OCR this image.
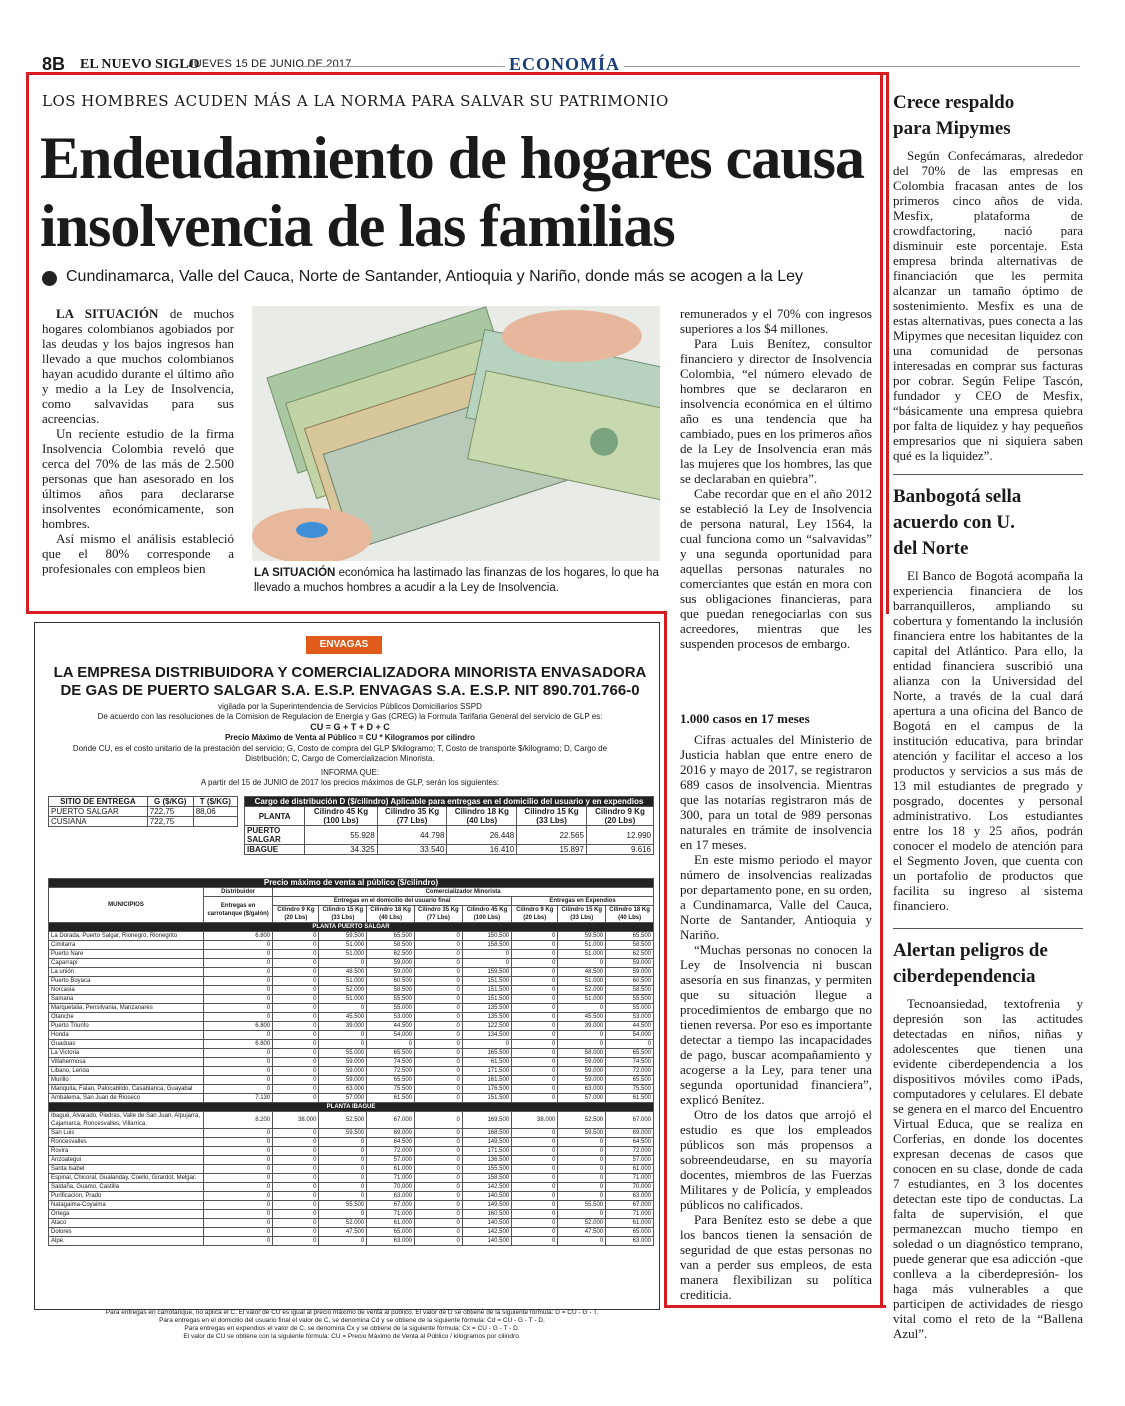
8B EL NUEVO SIGLO
JUEVES 15 DE JUNIO DE 2017	ECONOMÍA
LOS HOMBRES ACUDEN MÁS A LA NORMA PARA SALVAR SU PATRIMONIO
Endeudamiento de hogares causa insolvencia de las familias
Cundinamarca, Valle del Cauca, Norte de Santander, Antioquia y Nariño, donde más se acogen a la Ley

LA SITUACIÓN de muchos hogares colombianos agobiados por las deudas y los bajos ingresos han llevado a que muchos colombianos hayan acudido durante el último año y medio a la Ley de Insolvencia, como salvavidas para sus acreencias.

Un reciente estudio de la firma Insolvencia Colombia reveló que cerca del 70% de las más de 2.500 personas que han asesorado en los últimos años para declararse insolventes económicamente, son hombres.

Así mismo el análisis estableció que el 80% corresponde a profesionales con empleos bien	LA SITUACIÓN económica ha lastimado las finanzas de los hogares, lo que ha llevado a muchos hombres a acudir a la Ley de Insolvencia.

remunerados y el 70% con ingresos superiores a los $4 millones.

Para Luis Benítez, consultor financiero y director de Insolvencia Colombia, “el número elevado de hombres que se declararon en insolvencia económica en el último año es una tendencia que ha cambiado, pues en los primeros años de la Ley de Insolvencia eran más las mujeres que los hombres, las que se declaraban en quiebra”.

Cabe recordar que en el año 2012 se estableció la Ley de Insolvencia de persona natural, Ley 1564, la cual funciona como un “salvavidas” y una segunda oportunidad para aquellas personas naturales no comerciantes que están en mora con sus obligaciones financieras, para que puedan renegociarlas con sus acreedores, mientras que les suspenden procesos de embargo.

1.000 casos en 17 meses

Cifras actuales del Ministerio de Justicia hablan que entre enero de 2016 y mayo de 2017, se registraron 689 casos de insolvencia. Mientras que las notarías registraron más de 300, para un total de 989 personas naturales en trámite de insolvencia en 17 meses.

En este mismo periodo el mayor número de insolvencias realizadas por departamento pone, en su orden, a Cundinamarca, Valle del Cauca, Norte de Santander, Antioquia y Nariño.

“Muchas personas no conocen la Ley de Insolvencia ni buscan asesoría en sus finanzas, y permiten que su situación llegue a procedimientos de embargo que no tienen reversa. Por eso es importante detectar a tiempo las incapacidades de pago, buscar acompañamiento y acogerse a la Ley, para tener una segunda oportunidad financiera”, explicó Benítez.

Otro de los datos que arrojó el estudio es que los empleados públicos son más propensos a sobreendeudarse, en su mayoría docentes, miembros de las Fuerzas Militares y de Policía, y empleados públicos no calificados.

Para Benítez esto se debe a que los bancos tienen la sensación de seguridad de que estas personas no van a perder sus empleos, de esta manera flexibilizan su política crediticia.

Crece respaldo para Mipymes

Según Confecámaras, alrededor del 70% de las empresas en Colombia fracasan antes de los primeros cinco años de vida. Mesfix, plataforma de crowdfactoring, nació para disminuir este porcentaje. Esta empresa brinda alternativas de financiación que les permita alcanzar un tamaño óptimo de sostenimiento. Mesfix es una de estas alternativas, pues conecta a las Mipymes que necesitan liquidez con una comunidad de personas interesadas en comprar sus facturas por cobrar. Según Felipe Tascón, fundador y CEO de Mesfix, “básicamente una empresa quiebra por falta de liquidez y hay pequeños empresarios que ni siquiera saben qué es la liquidez”.

Banbogotá sella acuerdo con U. del Norte

El Banco de Bogotá acompaña la experiencia financiera de los barranquilleros, ampliando su cobertura y fomentando la inclusión financiera entre los habitantes de la capital del Atlántico. Para ello, la entidad financiera suscribió una alianza con la Universidad del Norte, a través de la cual dará apertura a una oficina del Banco de Bogotá en el campus de la institución educativa, para brindar atención y facilitar el acceso a los productos y servicios a sus más de 13 mil estudiantes de pregrado y posgrado, docentes y personal administrativo. Los estudiantes entre los 18 y 25 años, podrán conocer el modelo de atención para el Segmento Joven, que cuenta con un portafolio de productos que facilita su ingreso al sistema financiero.

Alertan peligros de ciberdependencia

Tecnoansiedad, textofrenia y depresión son las actitudes detectadas en niños, niñas y adolescentes que tienen una evidente ciberdependencia a los dispositivos móviles como iPads, computadores y celulares. El debate se genera en el marco del Encuentro Virtual Educa, que se realiza en Corferias, en donde los docentes expresan decenas de casos que conocen en su clase, donde de cada 7 estudiantes, en 3 los docentes detectan este tipo de conductas. La falta de supervisión, el que permanezcan mucho tiempo en soledad o un diagnóstico temprano, puede generar que esa adicción -que conlleva a la ciberdepresión- los haga más vulnerables a que participen de actividades de riesgo vital como el reto de la “Ballena Azul”.

ENVAGAS
LA EMPRESA DISTRIBUIDORA Y COMERCIALIZADORA MINORISTA ENVASADORA DE GAS DE PUERTO SALGAR S.A. E.S.P. ENVAGAS S.A. E.S.P. NIT 890.701.766-0
vigilada por la Superintendencia de Servicios Públicos Domiciliarios SSPD
De acuerdo con las resoluciones de la Comision de Regulacion de Energia y Gas (CREG) la Formula Tarifaria General del servicio de GLP es:
CU = G + T + D + C
Precio Máximo de Venta al Público = CU * Kilogramos por cilindro
Donde CU, es el costo unitario de la prestación del servicio; G, Costo de compra del GLP $/kilogramo; T, Costo de transporte $/kilogramo; D, Cargo de Distribución; C, Cargo de Comercializacion Minorista.
INFORMA QUE:
A partir del 15 de JUNIO de 2017 los precios máximos de GLP, serán los siguientes:
SITIO DE ENTREGA	G ($/KG)	T ($/KG)
PUERTO SALGAR	722,75	88,06
CUSIANA	722,75	
Cargo de distribución D ($/cilindro) Aplicable para entregas en el domicilio del usuario y en expendios					
PLANTA	Cilindro 45 Kg (100 Lbs)	Cilindro 35 Kg (77 Lbs)	Cilindro 18 Kg (40 Lbs)	Cilindro 15 Kg (33 Lbs)	Cilindro 9 Kg (20 Lbs)
PUERTO SALGAR	55.928	44.798	26.448	22.565	12.990
IBAGUE	34.325	33.540	16.410	15.897	9.616
Precio máximo de venta al público ($/cilindro)									
MUNICIPIOS	Distribuidor	Comercializador Minorista							
	Entregas en carrotanque ($/galón)	Entregas en el domicilio del usuario final					Entregas en Expendios		
		Cilindro 9 Kg (20 Lbs)	Cilindro 15 Kg (33 Lbs)	Cilindro 18 Kg (40 Lbs)	Cilindro 35 Kg (77 Lbs)	Cilindro 45 Kg (100 Lbs)	Cilindro 9 Kg (20 Lbs)	Cilindro 15 Kg (33 Lbs)	Cilindro 18 Kg (40 Lbs)
PLANTA PUERTO SALGAR									
La Dorada, Puerto Salgar, Rionegro, Rionegrito	6.800	0	59.500	65.500	0	150.500	0	59.500	65.500
Cimitarra	0	0	51.000	58.500	0	158.500	0	51.000	58.500
Puerto Nare	0	0	51.000	62.500	0	0	0	51.000	62.500
Caparrapí	0	0	0	59.000	0	0	0	0	59.000
La unión	0	0	48.500	59.000	0	159.500	0	48.500	59.000
Puerto Boyaca	0	0	51.000	60.500	0	151.500	0	51.000	60.500
Norcasia	0	0	52.000	58.500	0	151.500	0	52.000	58.500
Samana	0	0	51.000	55.500	0	151.500	0	51.000	55.500
Marquetalia, Pensilvania, Manzanares	0	0	0	55.000	0	135.500	0	0	55.000
Otanche	0	0	45.500	53.000	0	135.500	0	45.500	53.000
Puerto Triunfo	6.800	0	39.000	44.500	0	122.500	0	39.000	44.500
Honda	0	0	0	54.000	0	134.500	0	0	54.000
Guaduas	6.800	0	0	0	0	0	0	0	0
La Victoria	0	0	55.000	65.500	0	165.500	0	58.000	65.500
Villahermosa	0	0	59.000	74.500	0	61.500	0	59.000	74.500
Libano, Lerida	0	0	59.000	72.500	0	171.500	0	59.000	72.000
Murillo	0	0	59.000	65.500	0	161.500	0	59.000	65.500
Mariquita, Falan, Palocabildo, Casabianca, Guayabal	0	0	63.000	75.500	0	176.500	0	63.000	75.500
Ambalema, San Juan de Rioseco	7.130	0	57.000	61.500	0	151.500	0	57.000	61.500
PLANTA IBAGUE									
Ibagué, Alvarado, Piedras, Valle de San Juan, Alpujarra, Cajamarca, Roncesvalles, Villarrica.	8.200	38.000	52.500	67.000	0	169.500	38.000	52.500	67.000
San Luis	0	0	59.500	69.000	0	168.500	0	59.500	69.000
Roncesvalles	0	0	0	64.500	0	149.500	0	0	64.500
Rovira	0	0	0	72.000	0	171.500	0	0	72.000
Anzoategui	0	0	0	57.000	0	136.500	0	0	57.000
Santa Isabel	0	0	0	61.000	0	155.500	0	0	61.000
Espinal, Chicoral, Gualanday, Coello, Girardot, Melgar.	0	0	0	71.000	0	158.500	0	0	71.000
Saldaña, Guamo, Castilla	0	0	0	70.000	0	142.500	0	0	70.000
Purificacion, Prado	0	0	0	63.000	0	140.500	0	0	63.000
Natagaima-Coyaima	0	0	55.500	67.000	0	149.500	0	55.500	67.000
Ortega	0	0	0	71.000	0	160.500	0	0	71.000
Ataco	0	0	52.000	61.000	0	140.500	0	52.000	61.000
Dolores	0	0	47.500	65.000	0	142.500	0	47.500	65.000
Alpe.	0	0	0	63.000	0	140.500	0	0	63.000
Para entregas en carrotanque, no aplica el C. El valor de CU es igual al precio máximo de venta al público. El valor de D se obtiene de la siguiente fórmula: D = CU - G - T.
Para entregas en el domicilio del usuario final el valor de C, se denomina Cd y se obtiene de la siguiente fórmula: Cd = CU - G - T - D.
Para entregas en expendios el valor de C, se denomina Cx y se obtiene de la siguiente fórmula: Cx = CU - G - T - D.
El valor de CU se obtiene con la siguiente fórmula: CU = Precio Máximo de Venta al Público / kilogramos por cilindro.
